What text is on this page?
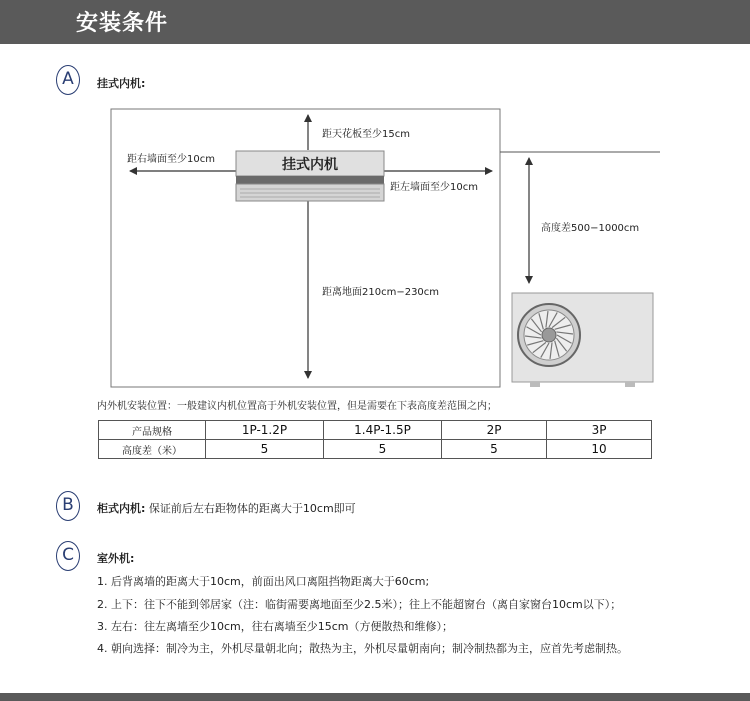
安装条件
A	挂式内机:
挂式内机
距天花板至少15cm
距右墙面至少10cm
距左墙面至少10cm
距离地面210cm−230cm
高度差500−1000cm
内外机安装位置：一般建议内机位置高于外机安装位置，但是需要在下表高度差范围之内；
产品规格	1P-1.2P	1.4P-1.5P	2P	3P
高度差（米）	5	5	5	10
B	柜式内机: 保证前后左右距物体的距离大于10cm即可
C	室外机:
1. 后背离墙的距离大于10cm，前面出风口离阻挡物距离大于60cm;
2. 上下：往下不能到邻居家（注：临街需要离地面至少2.5米）；往上不能超窗台（离自家窗台10cm以下）；
3. 左右：往左离墙至少10cm，往右离墙至少15cm（方便散热和维修）；
4. 朝向选择：制冷为主，外机尽量朝北向；散热为主，外机尽量朝南向；制冷制热都为主，应首先考虑制热。
